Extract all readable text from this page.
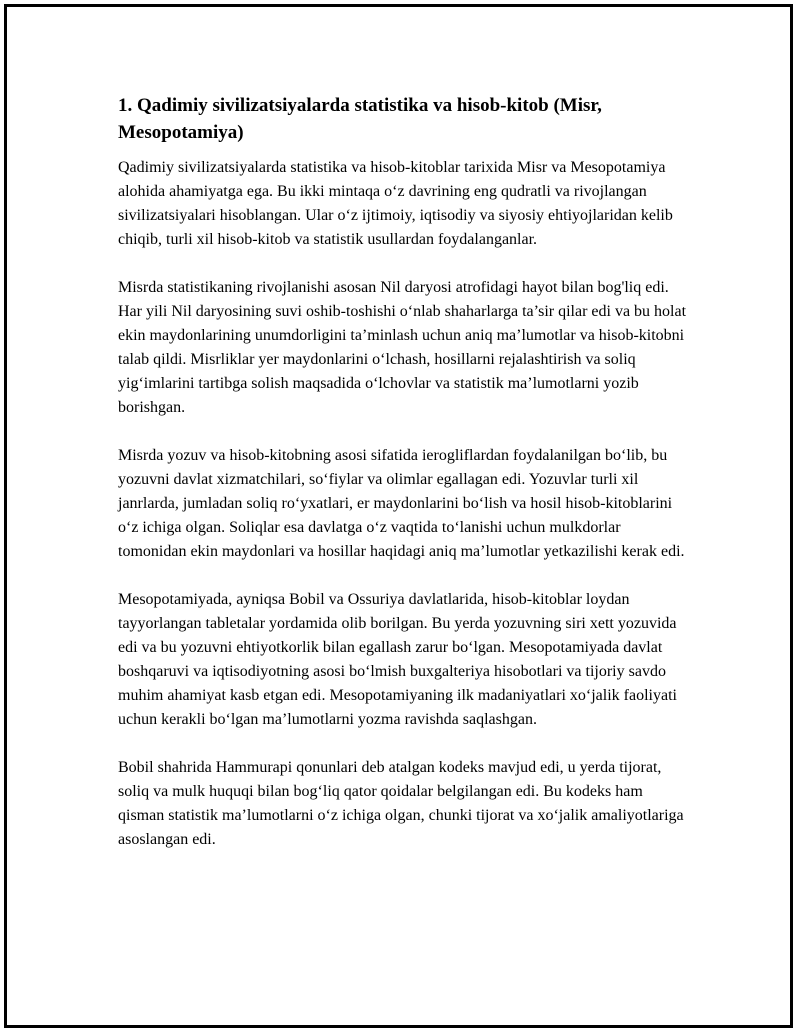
1. Qadimiy sivilizatsiyalarda statistika va hisob-kitob (Misr, Mesopotamiya)

Qadimiy sivilizatsiyalarda statistika va hisob-kitoblar tarixida Misr va Mesopotamiya alohida ahamiyatga ega. Bu ikki mintaqa o‘z davrining eng qudratli va rivojlangan sivilizatsiyalari hisoblangan. Ular o‘z ijtimoiy, iqtisodiy va siyosiy ehtiyojlaridan kelib chiqib, turli xil hisob-kitob va statistik usullardan foydalanganlar.

Misrda statistikaning rivojlanishi asosan Nil daryosi atrofidagi hayot bilan bog'liq edi. Har yili Nil daryosining suvi oshib-toshishi o‘nlab shaharlarga ta’sir qilar edi va bu holat ekin maydonlarining unumdorligini ta’minlash uchun aniq ma’lumotlar va hisob-kitobni talab qildi. Misrliklar yer maydonlarini o‘lchash, hosillarni rejalashtirish va soliq yig‘imlarini tartibga solish maqsadida o‘lchovlar va statistik ma’lumotlarni yozib borishgan.

Misrda yozuv va hisob-kitobning asosi sifatida ierogliflardan foydalanilgan bo‘lib, bu yozuvni davlat xizmatchilari, so‘fiylar va olimlar egallagan edi. Yozuvlar turli xil janrlarda, jumladan soliq ro‘yxatlari, er maydonlarini bo‘lish va hosil hisob-kitoblarini o‘z ichiga olgan. Soliqlar esa davlatga o‘z vaqtida to‘lanishi uchun mulkdorlar tomonidan ekin maydonlari va hosillar haqidagi aniq ma’lumotlar yetkazilishi kerak edi.

Mesopotamiyada, ayniqsa Bobil va Ossuriya davlatlarida, hisob-kitoblar loydan tayyorlangan tabletalar yordamida olib borilgan. Bu yerda yozuvning siri xett yozuvida edi va bu yozuvni ehtiyotkorlik bilan egallash zarur bo‘lgan. Mesopotamiyada davlat boshqaruvi va iqtisodiyotning asosi bo‘lmish buxgalteriya hisobotlari va tijoriy savdo muhim ahamiyat kasb etgan edi. Mesopotamiyaning ilk madaniyatlari xo‘jalik faoliyati uchun kerakli bo‘lgan ma’lumotlarni yozma ravishda saqlashgan.

Bobil shahrida Hammurapi qonunlari deb atalgan kodeks mavjud edi, u yerda tijorat, soliq va mulk huquqi bilan bog‘liq qator qoidalar belgilangan edi. Bu kodeks ham qisman statistik ma’lumotlarni o‘z ichiga olgan, chunki tijorat va xo‘jalik amaliyotlariga asoslangan edi.
